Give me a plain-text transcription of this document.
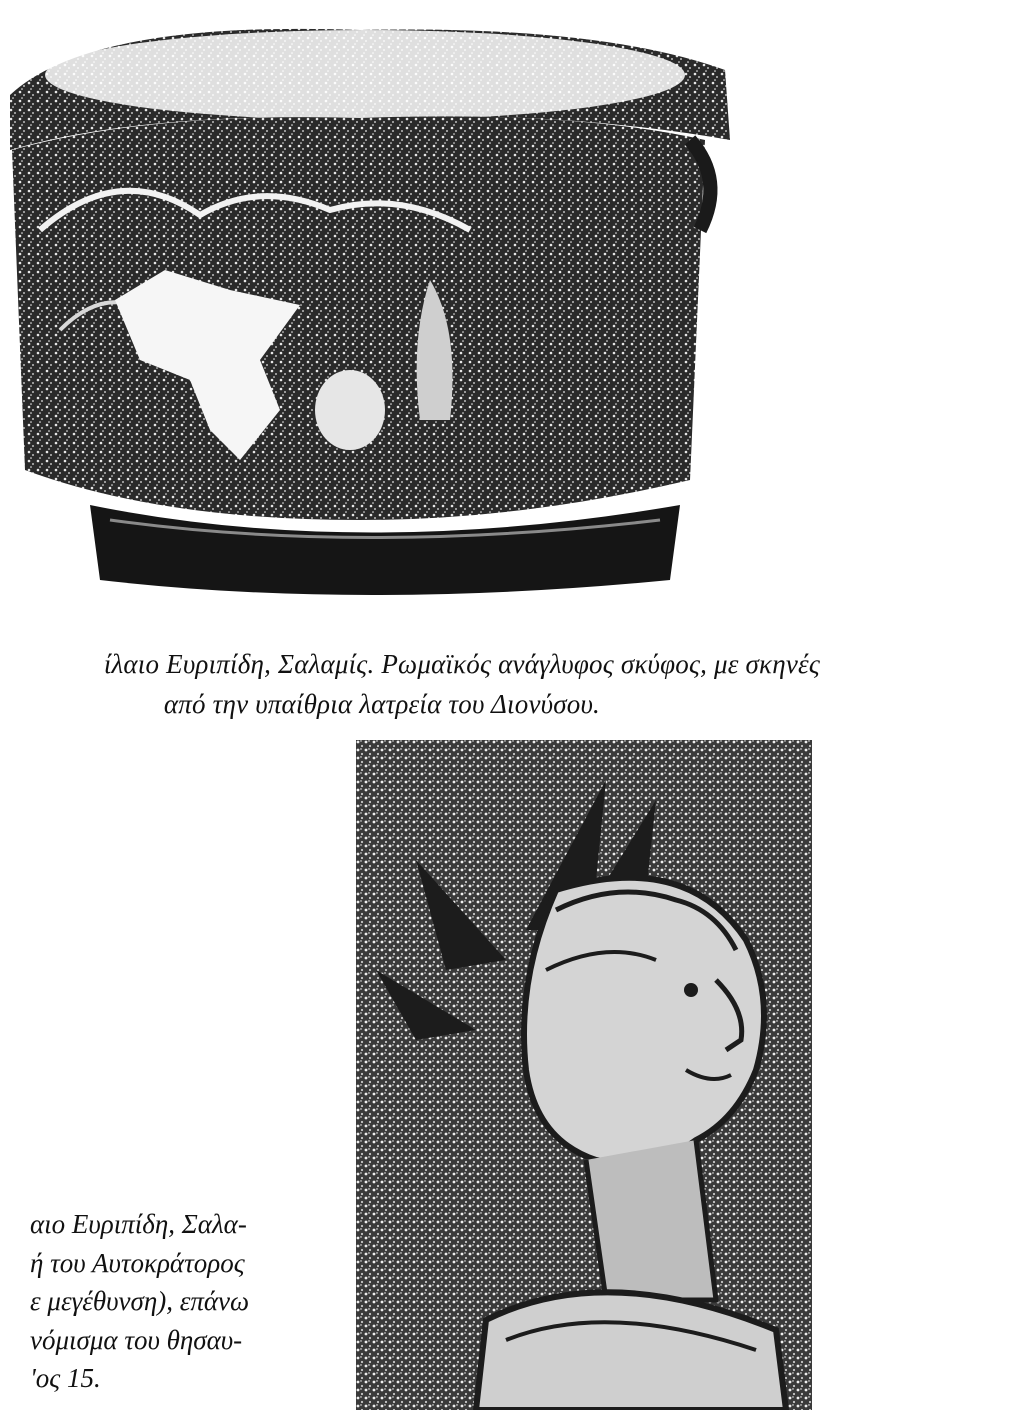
ίλαιο Ευριπίδη, Σαλαμίς. Ρωμαϊκός ανάγλυφος σκύφος, με σκηνές
από την υπαίθρια λατρεία του Διονύσου.
αιο Ευριπίδη, Σαλα-
ή του Αυτοκράτορος
ε μεγέθυνση), επάνω
νόμισμα του θησαυ-
'ος 15.
